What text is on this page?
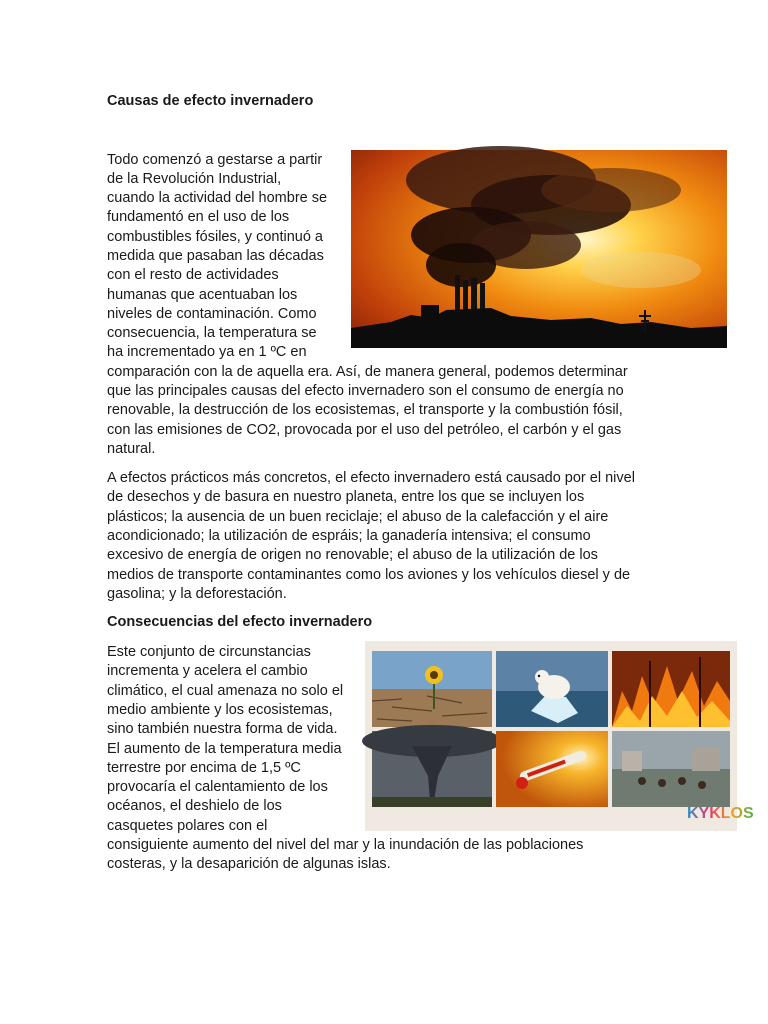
Causas de efecto invernadero
Todo comenzó a gestarse a partir
de la Revolución Industrial,
cuando la actividad del hombre se
fundamentó en el uso de los
combustibles fósiles, y continuó a
medida que pasaban las décadas
con el resto de actividades
humanas que acentuaban los
niveles de contaminación. Como
consecuencia, la temperatura se
ha incrementado ya en 1 ºC en
comparación con la de aquella era. Así, de manera general, podemos determinar
que las principales causas del efecto invernadero son el consumo de energía no
renovable, la destrucción de los ecosistemas, el transporte y la combustión fósil,
con las emisiones de CO2, provocada por el uso del petróleo, el carbón y el gas
natural.
A efectos prácticos más concretos, el efecto invernadero está causado por el nivel
de desechos y de basura en nuestro planeta, entre los que se incluyen los
plásticos; la ausencia de un buen reciclaje; el abuso de la calefacción y el aire
acondicionado; la utilización de espráis; la ganadería intensiva; el consumo
excesivo de energía de origen no renovable; el abuso de la utilización de los
medios de transporte contaminantes como los aviones y los vehículos diesel y de
gasolina; y la deforestación.
Consecuencias del efecto invernadero
Este conjunto de circunstancias
incrementa y acelera el cambio
climático, el cual amenaza no solo el
medio ambiente y los ecosistemas,
sino también nuestra forma de vida.
El aumento de la temperatura media
terrestre por encima de 1,5 ºC
provocaría el calentamiento de los
océanos, el deshielo de los
casquetes polares con el
consiguiente aumento del nivel del mar y la inundación de las poblaciones
costeras, y la desaparición de algunas islas.
KYKLOS
